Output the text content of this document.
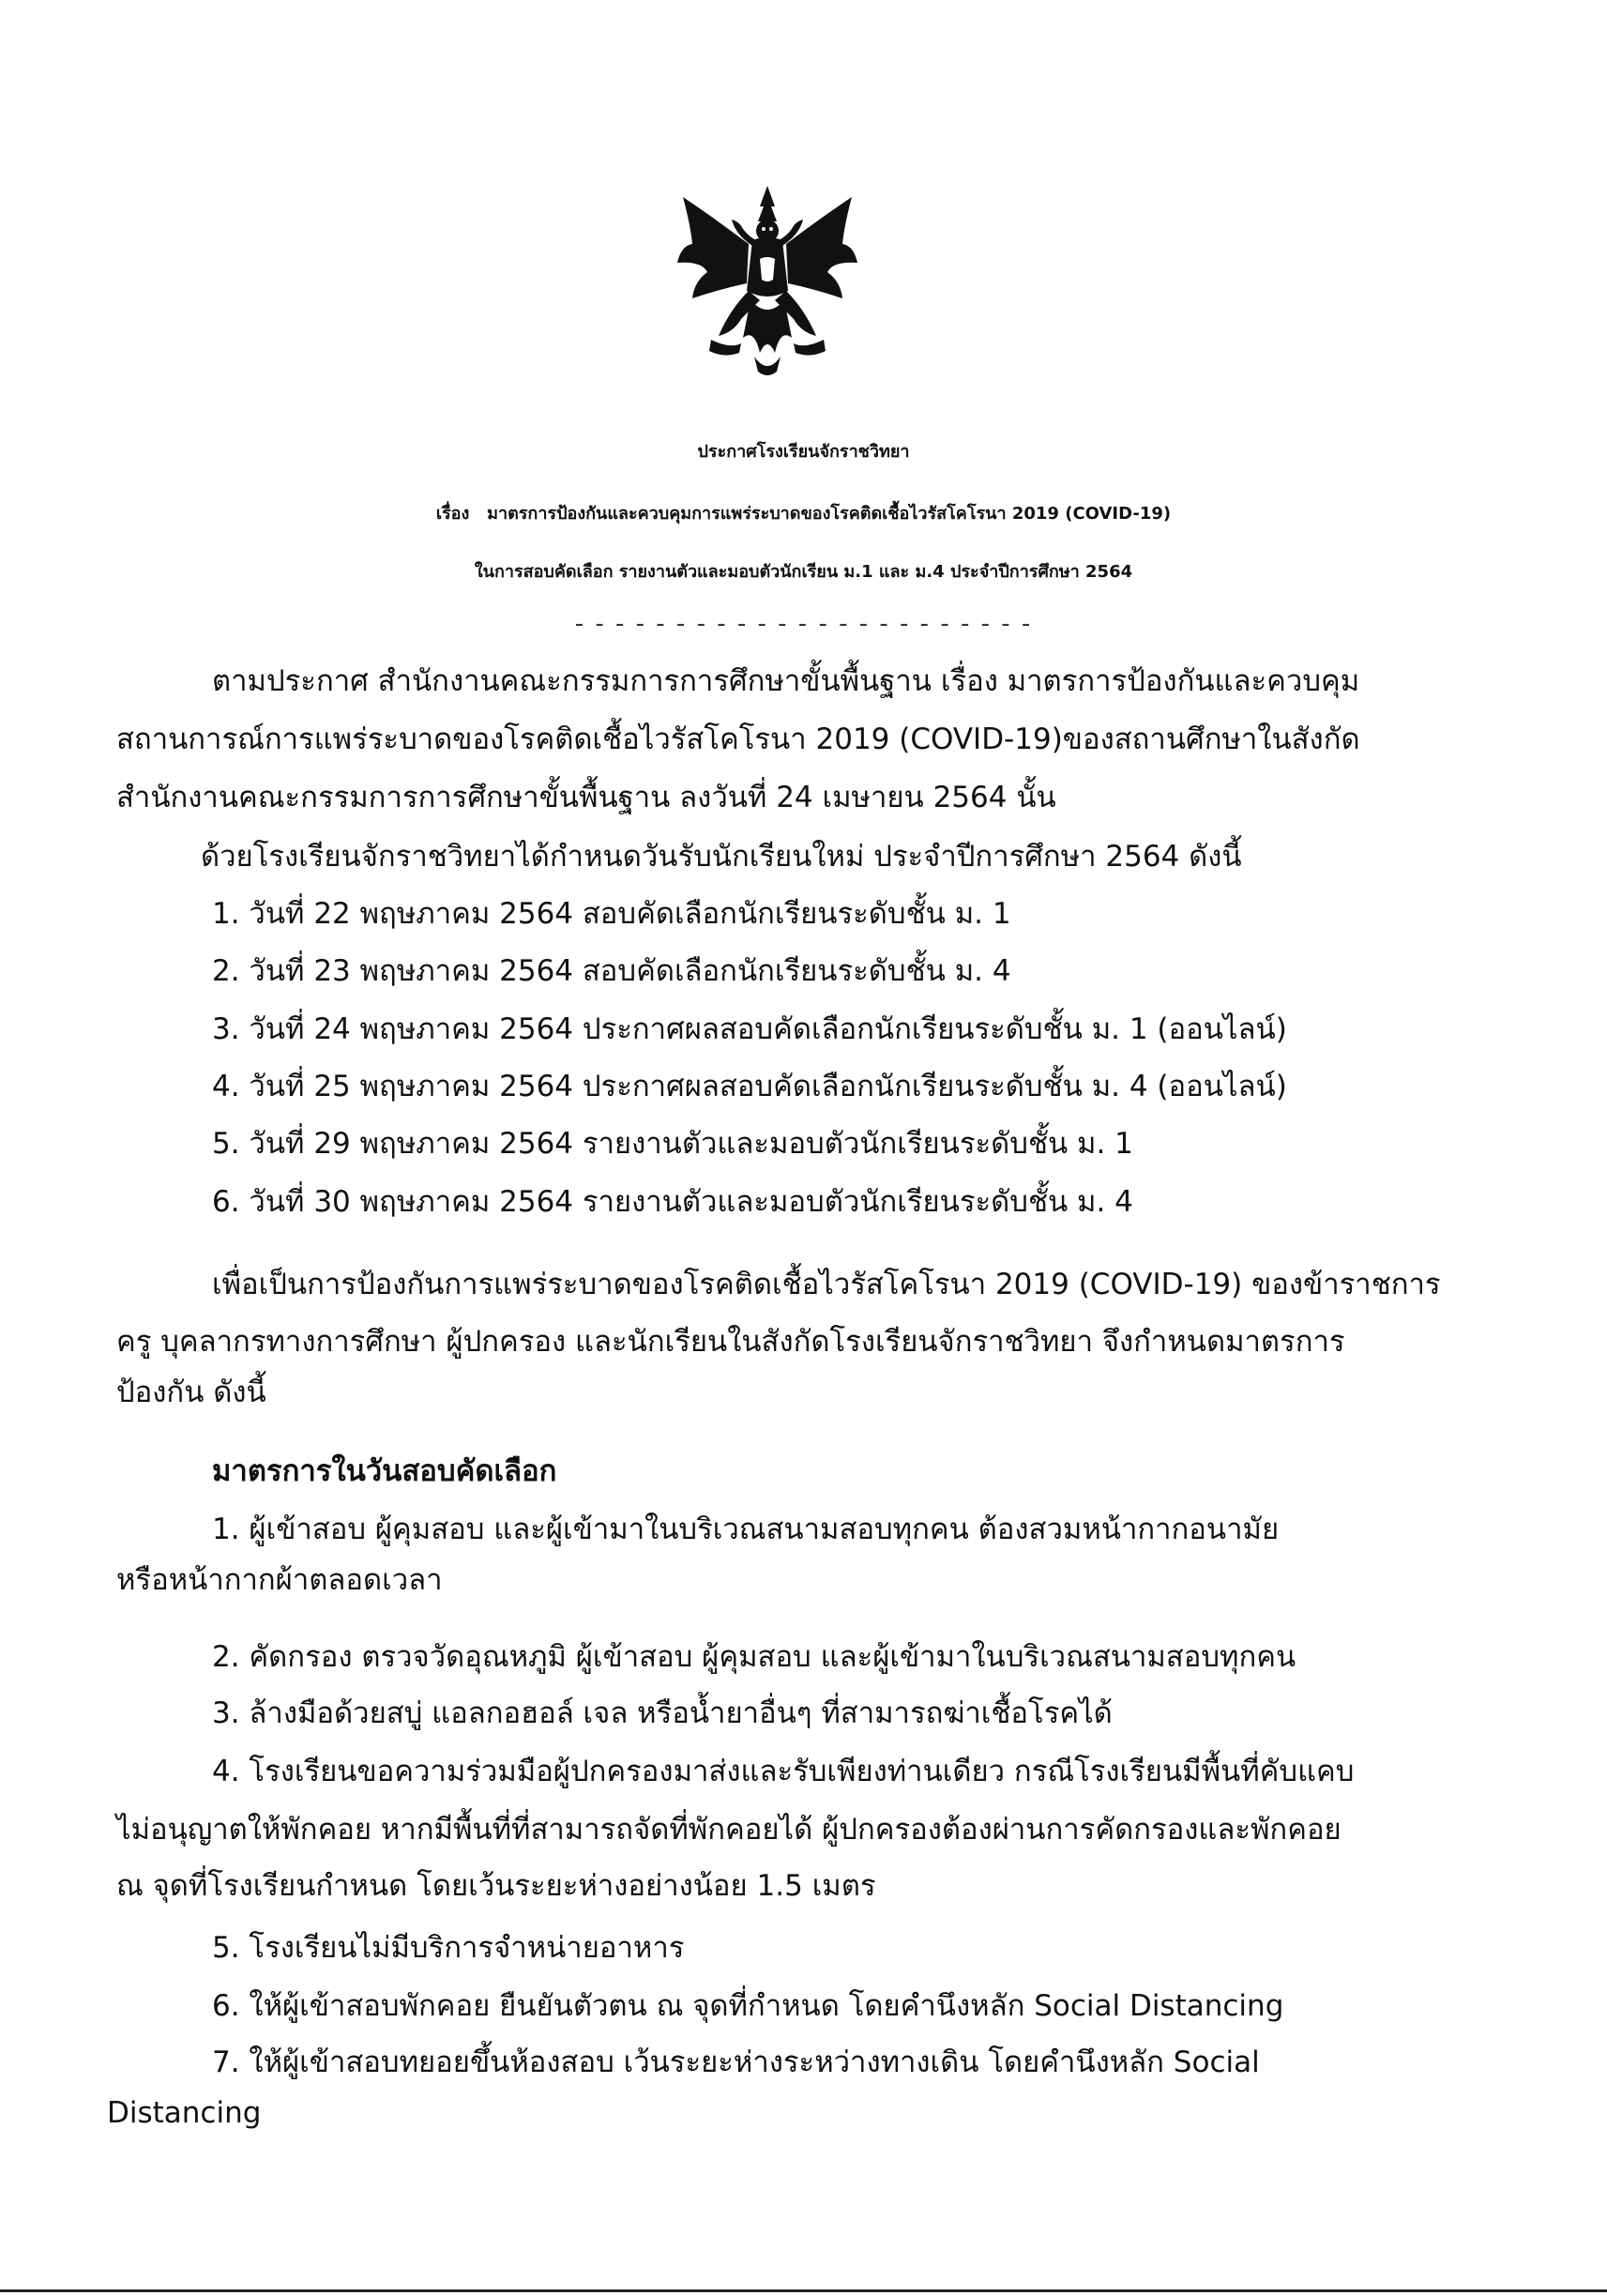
ประกาศโรงเรียนจักราชวิทยา
เรื่อง มาตรการป้องกันและควบคุมการแพร่ระบาดของโรคติดเชื้อไวรัสโคโรนา 2019 (COVID-19)
ในการสอบคัดเลือก รายงานตัวและมอบตัวนักเรียน ม.1 และ ม.4 ประจำปีการศึกษา 2564
- - - - - - - - - - - - - - - - - - - - - - -
ตามประกาศ สำนักงานคณะกรรมการการศึกษาขั้นพื้นฐาน เรื่อง มาตรการป้องกันและควบคุม
สถานการณ์การแพร่ระบาดของโรคติดเชื้อไวรัสโคโรนา 2019 (COVID-19)ของสถานศึกษาในสังกัด
สำนักงานคณะกรรมการการศึกษาขั้นพื้นฐาน ลงวันที่ 24 เมษายน 2564 นั้น
ด้วยโรงเรียนจักราชวิทยาได้กำหนดวันรับนักเรียนใหม่ ประจำปีการศึกษา 2564 ดังนี้
1. วันที่ 22 พฤษภาคม 2564 สอบคัดเลือกนักเรียนระดับชั้น ม. 1
2. วันที่ 23 พฤษภาคม 2564 สอบคัดเลือกนักเรียนระดับชั้น ม. 4
3. วันที่ 24 พฤษภาคม 2564 ประกาศผลสอบคัดเลือกนักเรียนระดับชั้น ม. 1 (ออนไลน์)
4. วันที่ 25 พฤษภาคม 2564 ประกาศผลสอบคัดเลือกนักเรียนระดับชั้น ม. 4 (ออนไลน์)
5. วันที่ 29 พฤษภาคม 2564 รายงานตัวและมอบตัวนักเรียนระดับชั้น ม. 1
6. วันที่ 30 พฤษภาคม 2564 รายงานตัวและมอบตัวนักเรียนระดับชั้น ม. 4
เพื่อเป็นการป้องกันการแพร่ระบาดของโรคติดเชื้อไวรัสโคโรนา 2019 (COVID-19) ของข้าราชการ
ครู บุคลากรทางการศึกษา ผู้ปกครอง และนักเรียนในสังกัดโรงเรียนจักราชวิทยา จึงกำหนดมาตรการ
ป้องกัน ดังนี้
มาตรการในวันสอบคัดเลือก
1. ผู้เข้าสอบ ผู้คุมสอบ และผู้เข้ามาในบริเวณสนามสอบทุกคน ต้องสวมหน้ากากอนามัย
หรือหน้ากากผ้าตลอดเวลา
2. คัดกรอง ตรวจวัดอุณหภูมิ ผู้เข้าสอบ ผู้คุมสอบ และผู้เข้ามาในบริเวณสนามสอบทุกคน
3. ล้างมือด้วยสบู่ แอลกอฮอล์ เจล หรือน้ำยาอื่นๆ ที่สามารถฆ่าเชื้อโรคได้
4. โรงเรียนขอความร่วมมือผู้ปกครองมาส่งและรับเพียงท่านเดียว กรณีโรงเรียนมีพื้นที่คับแคบ
ไม่อนุญาตให้พักคอย หากมีพื้นที่ที่สามารถจัดที่พักคอยได้ ผู้ปกครองต้องผ่านการคัดกรองและพักคอย
ณ จุดที่โรงเรียนกำหนด โดยเว้นระยะห่างอย่างน้อย 1.5 เมตร
5. โรงเรียนไม่มีบริการจำหน่ายอาหาร
6. ให้ผู้เข้าสอบพักคอย ยืนยันตัวตน ณ จุดที่กำหนด โดยคำนึงหลัก Social Distancing
7. ให้ผู้เข้าสอบทยอยขึ้นห้องสอบ เว้นระยะห่างระหว่างทางเดิน โดยคำนึงหลัก Social
Distancing
